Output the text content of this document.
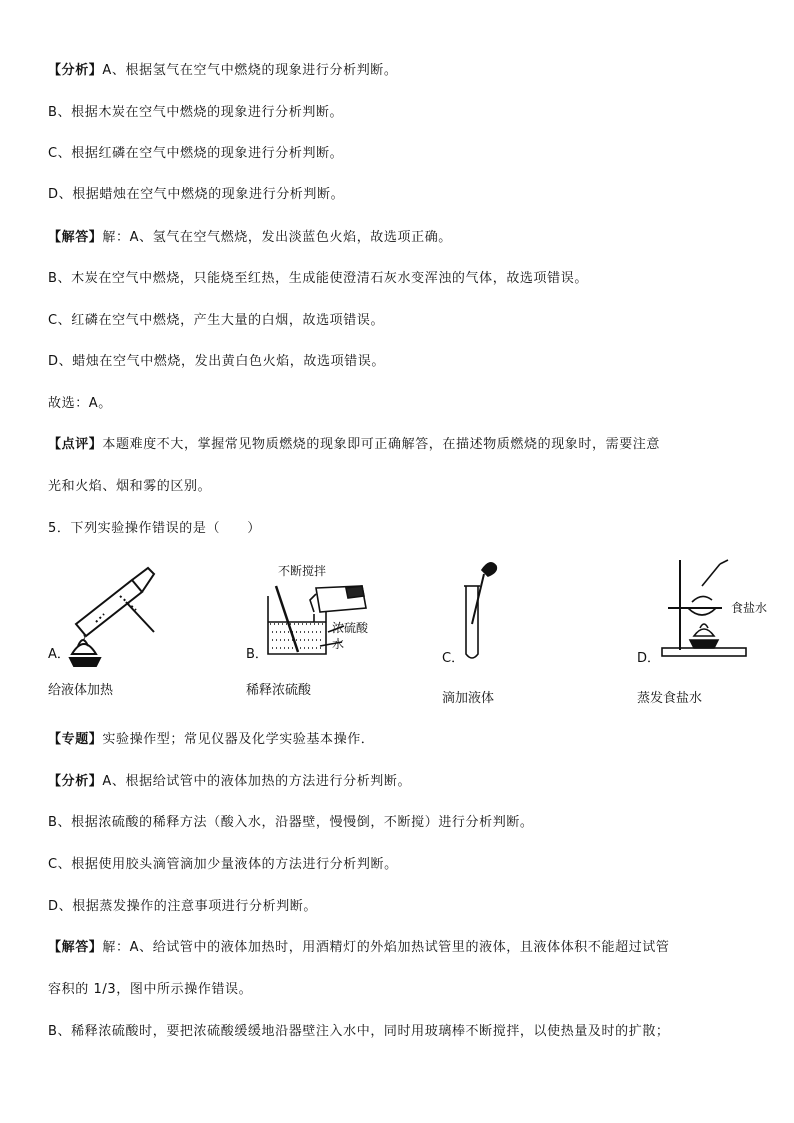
【分析】A、根据氢气在空气中燃烧的现象进行分析判断。
B、根据木炭在空气中燃烧的现象进行分析判断。
C、根据红磷在空气中燃烧的现象进行分析判断。
D、根据蜡烛在空气中燃烧的现象进行分析判断。
【解答】解：A、氢气在空气燃烧，发出淡蓝色火焰，故选项正确。
B、木炭在空气中燃烧，只能烧至红热，生成能使澄清石灰水变浑浊的气体，故选项错误。
C、红磷在空气中燃烧，产生大量的白烟，故选项错误。
D、蜡烛在空气中燃烧，发出黄白色火焰，故选项错误。
故选：A。
【点评】本题难度不大，掌握常见物质燃烧的现象即可正确解答，在描述物质燃烧的现象时，需要注意
光和火焰、烟和雾的区别。
5．下列实验操作错误的是（　　）
⌇
A．
给液体加热
不断搅拌
浓硫酸
水
B．
稀释浓硫酸
C．
滴加液体
食盐水
D．
蒸发食盐水
【专题】实验操作型；常见仪器及化学实验基本操作．
【分析】A、根据给试管中的液体加热的方法进行分析判断。
B、根据浓硫酸的稀释方法（酸入水，沿器壁，慢慢倒，不断搅）进行分析判断。
C、根据使用胶头滴管滴加少量液体的方法进行分析判断。
D、根据蒸发操作的注意事项进行分析判断。
【解答】解：A、给试管中的液体加热时，用酒精灯的外焰加热试管里的液体，且液体体积不能超过试管
容积的 1/3，图中所示操作错误。
B、稀释浓硫酸时，要把浓硫酸缓缓地沿器壁注入水中，同时用玻璃棒不断搅拌，以使热量及时的扩散；
